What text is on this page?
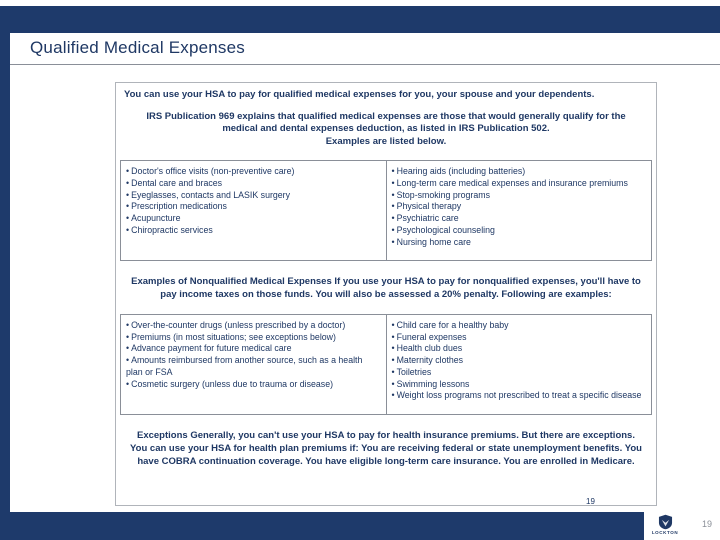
Qualified Medical Expenses

You can use your HSA to pay for qualified medical expenses for you, your spouse and your dependents.

IRS Publication 969 explains that qualified medical expenses are those that would generally qualify for the medical and dental expenses deduction, as listed in IRS Publication 502.
Examples are listed below.
• Doctor's office visits (non-preventive care)
• Dental care and braces
• Eyeglasses, contacts and LASIK surgery
• Prescription medications
• Acupuncture
• Chiropractic services
• Hearing aids (including batteries)
• Long-term care medical expenses and insurance premiums
• Stop-smoking programs
• Physical therapy
• Psychiatric care
• Psychological counseling
• Nursing home care

Examples of Nonqualified Medical Expenses If you use your HSA to pay for nonqualified expenses, you'll have to pay income taxes on those funds. You will also be assessed a 20% penalty. Following are examples:

• Over-the-counter drugs (unless prescribed by a doctor)
• Premiums (in most situations; see exceptions below)
• Advance payment for future medical care
• Amounts reimbursed from another source, such as a health plan or FSA
• Cosmetic surgery (unless due to trauma or disease)
• Child care for a healthy baby
• Funeral expenses
• Health club dues
• Maternity clothes
• Toiletries
• Swimming lessons
• Weight loss programs not prescribed to treat a specific disease

Exceptions Generally, you can't use your HSA to pay for health insurance premiums. But there are exceptions. You can use your HSA for health plan premiums if: You are receiving federal or state unemployment benefits. You have COBRA continuation coverage. You have eligible long-term care insurance. You are enrolled in Medicare.

19
LOCKTON
19
